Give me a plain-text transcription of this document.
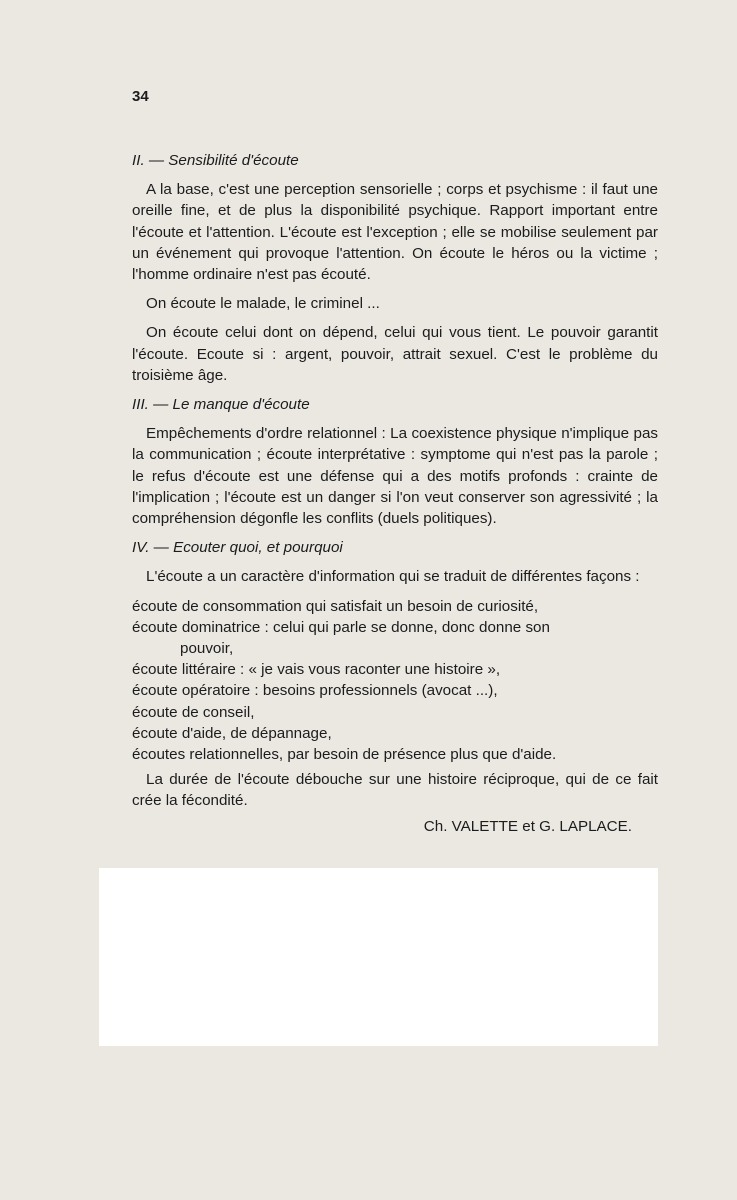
34

II. — Sensibilité d'écoute

A la base, c'est une perception sensorielle ; corps et psychisme : il faut une oreille fine, et de plus la disponibilité psychique. Rapport important entre l'écoute et l'attention. L'écoute est l'exception ; elle se mobilise seulement par un événement qui provoque l'attention. On écoute le héros ou la victime ; l'homme ordinaire n'est pas écouté.

On écoute le malade, le criminel ...

On écoute celui dont on dépend, celui qui vous tient. Le pouvoir garantit l'écoute. Ecoute si : argent, pouvoir, attrait sexuel. C'est le problème du troisième âge.

III. — Le manque d'écoute

Empêchements d'ordre relationnel : La coexistence physique n'implique pas la communication ; écoute interprétative : symptome qui n'est pas la parole ; le refus d'écoute est une défense qui a des motifs profonds : crainte de l'implication ; l'écoute est un danger si l'on veut conserver son agressivité ; la compréhension dégonfle les conflits (duels politiques).

IV. — Ecouter quoi, et pourquoi

L'écoute a un caractère d'information qui se traduit de différentes façons :

écoute de consommation qui satisfait un besoin de curiosité,
écoute dominatrice : celui qui parle se donne, donc donne son
pouvoir,
écoute littéraire : « je vais vous raconter une histoire »,
écoute opératoire : besoins professionnels (avocat ...),
écoute de conseil,
écoute d'aide, de dépannage,
écoutes relationnelles, par besoin de présence plus que d'aide.

La durée de l'écoute débouche sur une histoire réciproque, qui de ce fait crée la fécondité.

Ch. VALETTE et G. LAPLACE.
